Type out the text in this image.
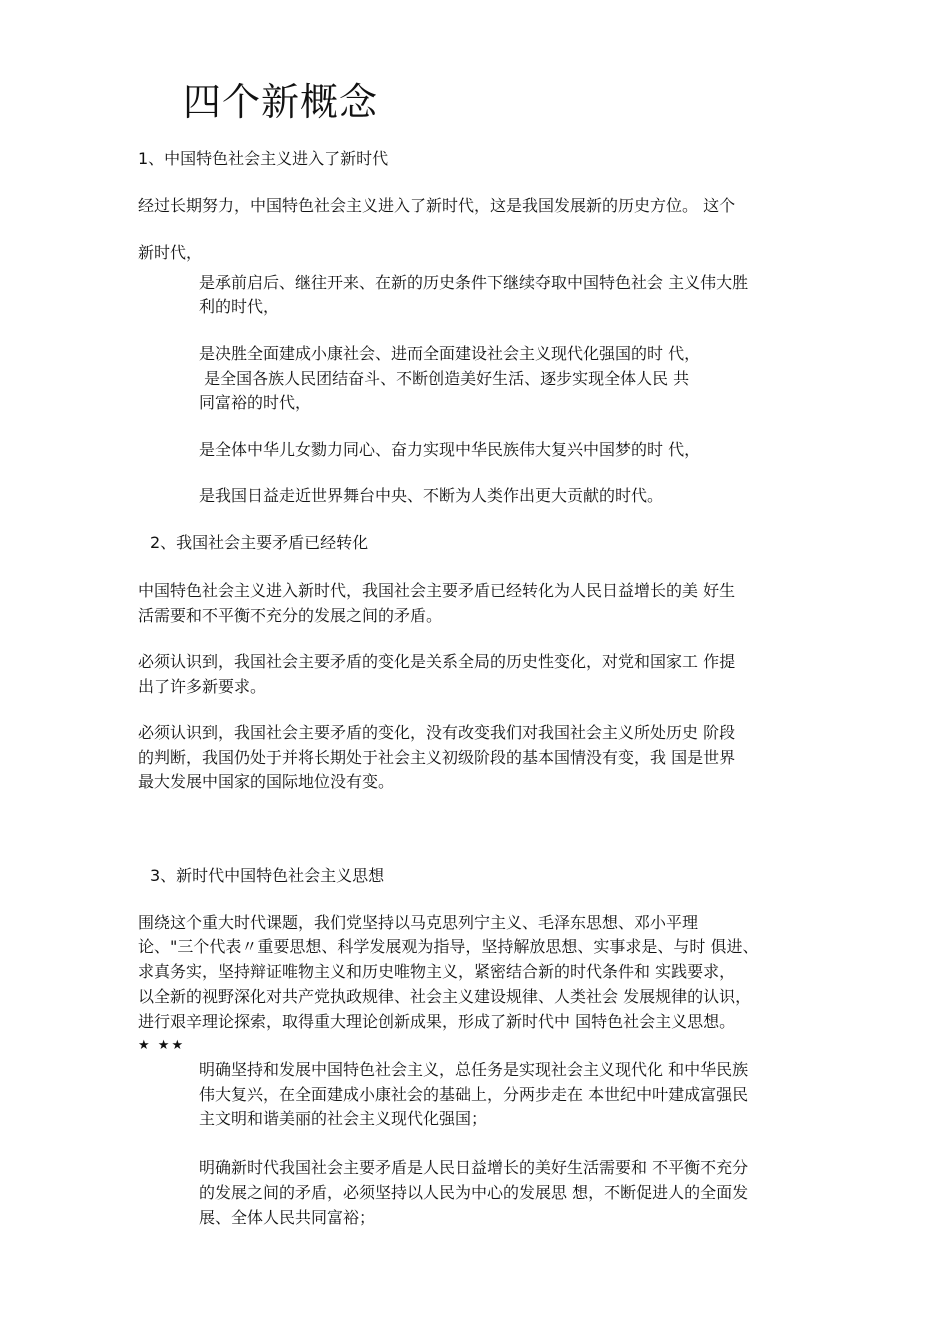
四个新概念

1、中国特色社会主义进入了新时代

经过长期努力，中国特色社会主义进入了新时代，这是我国发展新的历史方位。 这个

新时代，

是承前启后、继往开来、在新的历史条件下继续夺取中国特色社会 主义伟大胜

利的时代，

是决胜全面建成小康社会、进而全面建设社会主义现代化强国的时 代，

是全国各族人民团结奋斗、不断创造美好生活、逐步实现全体人民 共

同富裕的时代，

是全体中华儿女勠力同心、奋力实现中华民族伟大复兴中国梦的时 代，

是我国日益走近世界舞台中央、不断为人类作出更大贡献的时代。

2、我国社会主要矛盾已经转化

中国特色社会主义进入新时代，我国社会主要矛盾已经转化为人民日益增长的美 好生

活需要和不平衡不充分的发展之间的矛盾。

必须认识到，我国社会主要矛盾的变化是关系全局的历史性变化，对党和国家工 作提

出了许多新要求。

必须认识到，我国社会主要矛盾的变化，没有改变我们对我国社会主义所处历史 阶段

的判断，我国仍处于并将长期处于社会主义初级阶段的基本国情没有变，我 国是世界

最大发展中国家的国际地位没有变。

3、新时代中国特色社会主义思想

围绕这个重大时代课题，我们党坚持以马克思列宁主义、毛泽东思想、邓小平理

论、"三个代表〃重要思想、科学发展观为指导，坚持解放思想、实事求是、与时 俱进、

求真务实，坚持辩证唯物主义和历史唯物主义，紧密结合新的时代条件和 实践要求，

以全新的视野深化对共产党执政规律、社会主义建设规律、人类社会 发展规律的认识，

进行艰辛理论探索，取得重大理论创新成果，形成了新时代中 国特色社会主义思想。

★ ★★

明确坚持和发展中国特色社会主义，总任务是实现社会主义现代化 和中华民族

伟大复兴，在全面建成小康社会的基础上，分两步走在 本世纪中叶建成富强民

主文明和谐美丽的社会主义现代化强国；

明确新时代我国社会主要矛盾是人民日益增长的美好生活需要和 不平衡不充分

的发展之间的矛盾，必须坚持以人民为中心的发展思 想，不断促进人的全面发

展、全体人民共同富裕；
